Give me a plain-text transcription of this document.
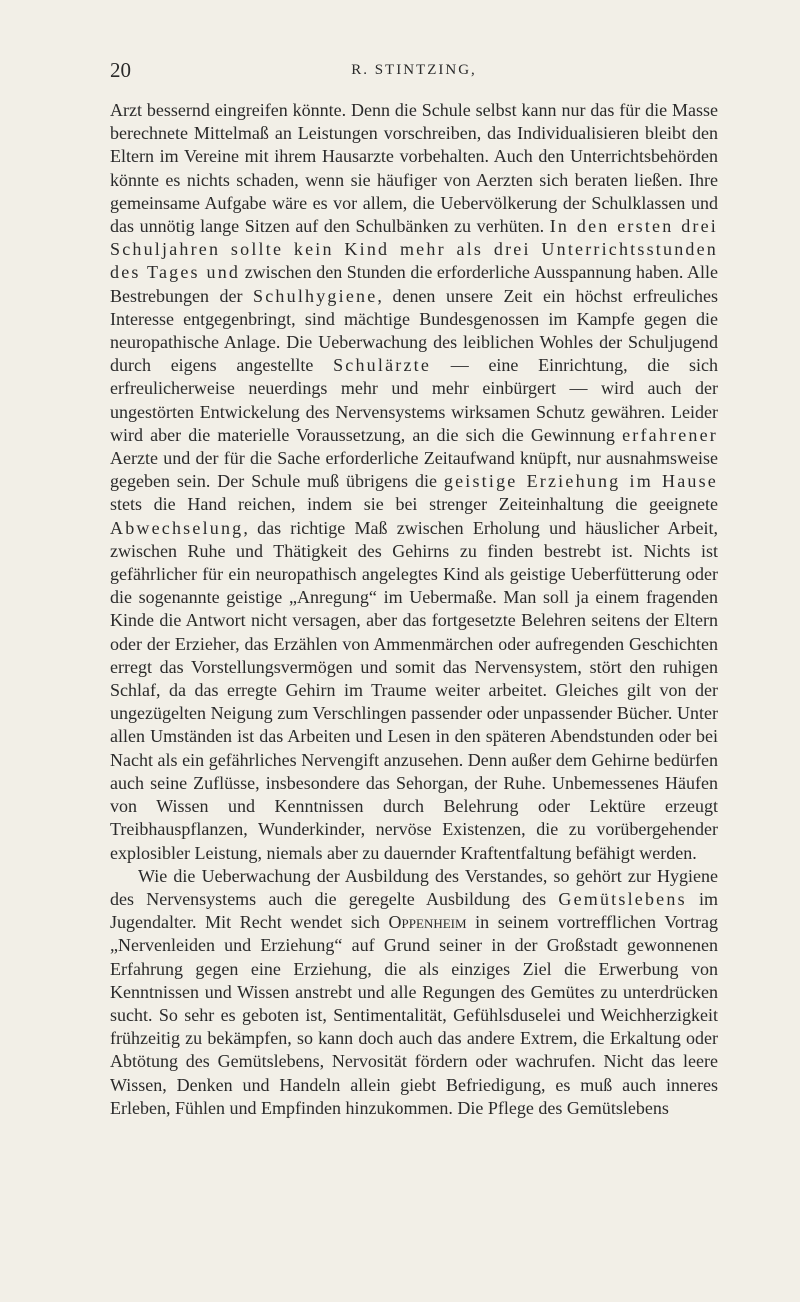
20	R. STINTZING,

Arzt bessernd eingreifen könnte. Denn die Schule selbst kann nur das für die Masse berechnete Mittelmaß an Leistungen vorschreiben, das Individualisieren bleibt den Eltern im Vereine mit ihrem Hausarzte vorbehalten. Auch den Unterrichtsbehörden könnte es nichts schaden, wenn sie häufiger von Aerzten sich beraten ließen. Ihre gemeinsame Aufgabe wäre es vor allem, die Uebervölkerung der Schulklassen und das unnötig lange Sitzen auf den Schulbänken zu verhüten. In den ersten drei Schuljahren sollte kein Kind mehr als drei Unterrichtsstunden des Tages und zwischen den Stunden die erforderliche Ausspannung haben. Alle Bestrebungen der Schulhygiene, denen unsere Zeit ein höchst erfreuliches Interesse entgegenbringt, sind mächtige Bundesgenossen im Kampfe gegen die neuropathische Anlage. Die Ueberwachung des leiblichen Wohles der Schuljugend durch eigens angestellte Schulärzte — eine Einrichtung, die sich erfreulicherweise neuerdings mehr und mehr einbürgert — wird auch der ungestörten Entwickelung des Nervensystems wirksamen Schutz gewähren. Leider wird aber die materielle Voraussetzung, an die sich die Gewinnung erfahrener Aerzte und der für die Sache erforderliche Zeitaufwand knüpft, nur ausnahmsweise gegeben sein. Der Schule muß übrigens die geistige Erziehung im Hause stets die Hand reichen, indem sie bei strenger Zeiteinhaltung die geeignete Abwechselung, das richtige Maß zwischen Erholung und häuslicher Arbeit, zwischen Ruhe und Thätigkeit des Gehirns zu finden bestrebt ist. Nichts ist gefährlicher für ein neuropathisch angelegtes Kind als geistige Ueberfütterung oder die sogenannte geistige „Anregung“ im Uebermaße. Man soll ja einem fragenden Kinde die Antwort nicht versagen, aber das fortgesetzte Belehren seitens der Eltern oder der Erzieher, das Erzählen von Ammenmärchen oder aufregenden Geschichten erregt das Vorstellungsvermögen und somit das Nervensystem, stört den ruhigen Schlaf, da das erregte Gehirn im Traume weiter arbeitet. Gleiches gilt von der ungezügelten Neigung zum Verschlingen passender oder unpassender Bücher. Unter allen Umständen ist das Arbeiten und Lesen in den späteren Abendstunden oder bei Nacht als ein gefährliches Nervengift anzusehen. Denn außer dem Gehirne bedürfen auch seine Zuflüsse, insbesondere das Sehorgan, der Ruhe. Unbemessenes Häufen von Wissen und Kenntnissen durch Belehrung oder Lektüre erzeugt Treibhauspflanzen, Wunderkinder, nervöse Existenzen, die zu vorübergehender explosibler Leistung, niemals aber zu dauernder Kraftentfaltung befähigt werden.

Wie die Ueberwachung der Ausbildung des Verstandes, so gehört zur Hygiene des Nervensystems auch die geregelte Ausbildung des Gemütslebens im Jugendalter. Mit Recht wendet sich Oppenheim in seinem vortrefflichen Vortrag „Nervenleiden und Erziehung“ auf Grund seiner in der Großstadt gewonnenen Erfahrung gegen eine Erziehung, die als einziges Ziel die Erwerbung von Kenntnissen und Wissen anstrebt und alle Regungen des Gemütes zu unterdrücken sucht. So sehr es geboten ist, Sentimentalität, Gefühlsduselei und Weichherzigkeit frühzeitig zu bekämpfen, so kann doch auch das andere Extrem, die Erkaltung oder Abtötung des Gemütslebens, Nervosität fördern oder wachrufen. Nicht das leere Wissen, Denken und Handeln allein giebt Befriedigung, es muß auch inneres Erleben, Fühlen und Empfinden hinzukommen. Die Pflege des Gemütslebens
